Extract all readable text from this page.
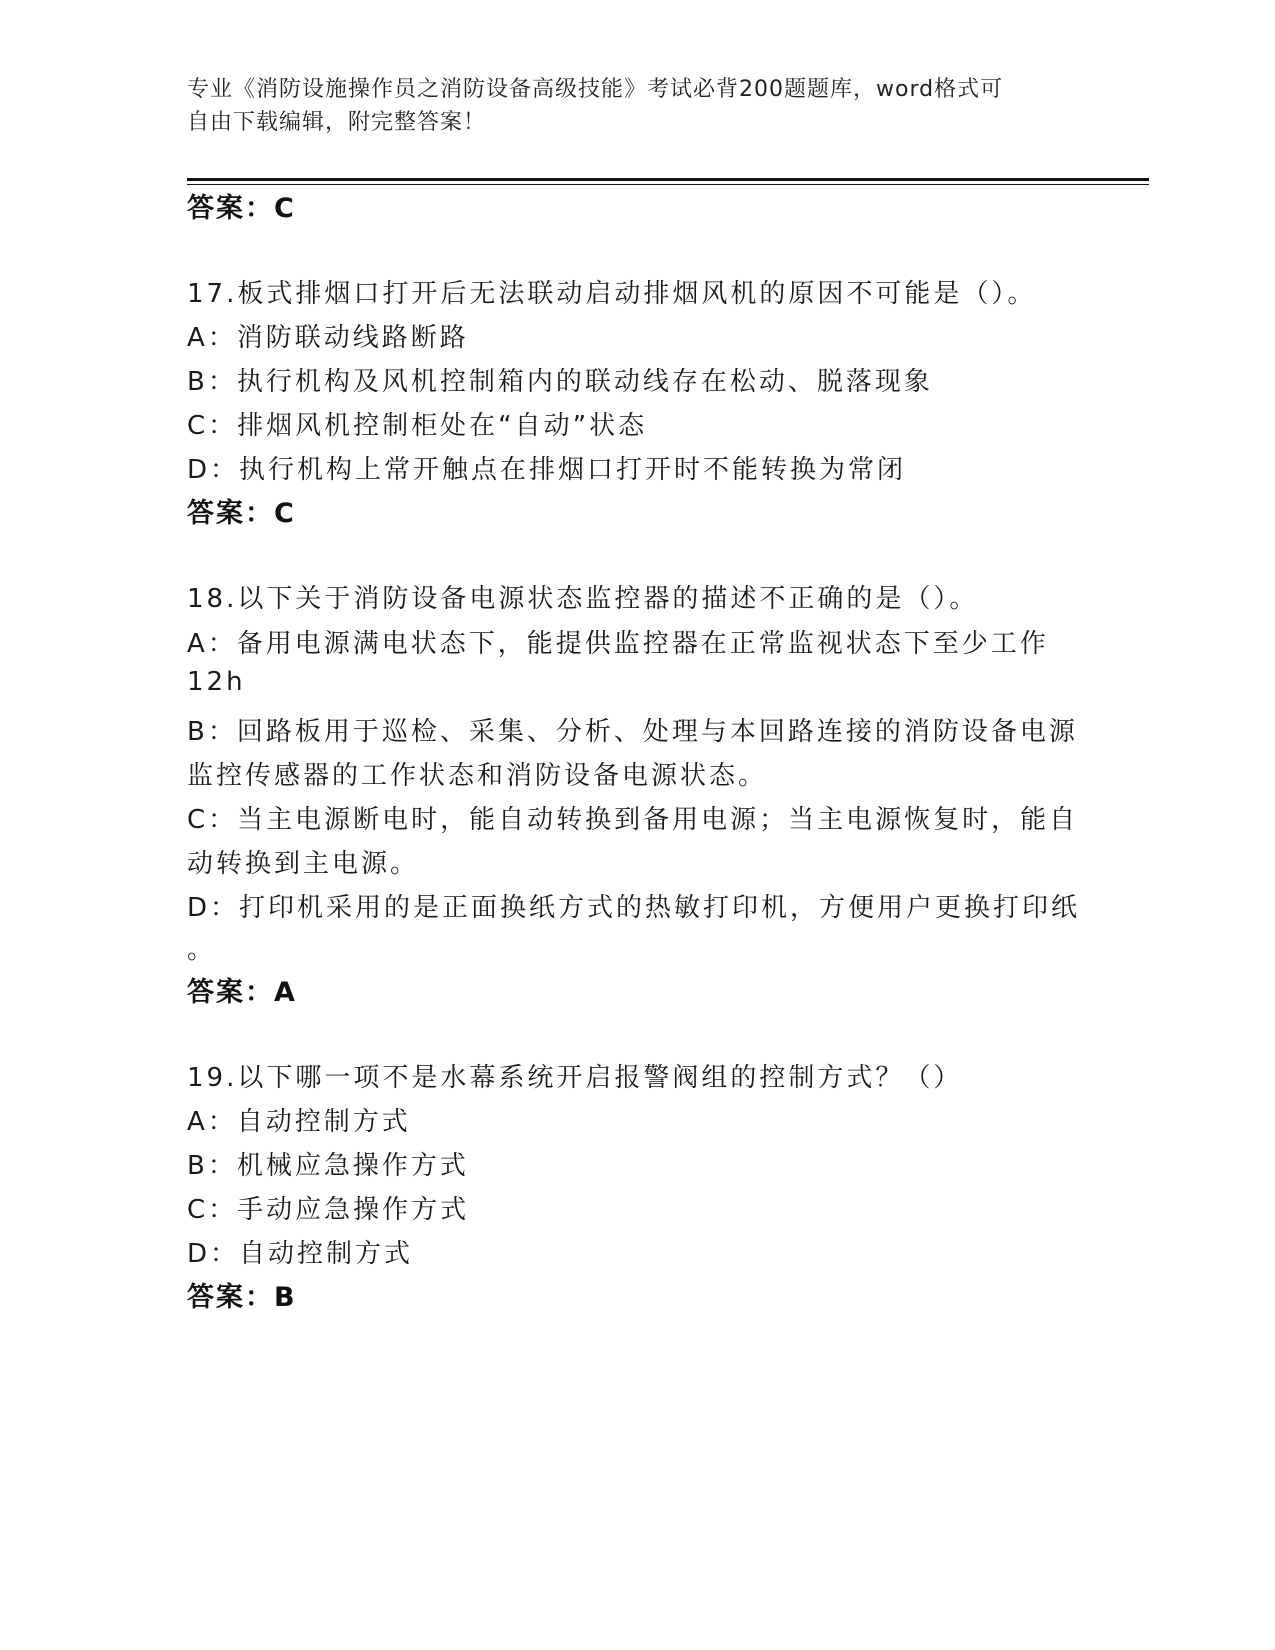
专业《消防设施操作员之消防设备高级技能》考试必背200题题库，word格式可
自由下载编辑，附完整答案！
答案：C
17.板式排烟口打开后无法联动启动排烟风机的原因不可能是（）。
A：消防联动线路断路
B：执行机构及风机控制箱内的联动线存在松动、脱落现象
C：排烟风机控制柜处在“自动”状态
D：执行机构上常开触点在排烟口打开时不能转换为常闭
答案：C
18.以下关于消防设备电源状态监控器的描述不正确的是（）。
A：备用电源满电状态下，能提供监控器在正常监视状态下至少工作
12h
B：回路板用于巡检、采集、分析、处理与本回路连接的消防设备电源
监控传感器的工作状态和消防设备电源状态。
C：当主电源断电时，能自动转换到备用电源；当主电源恢复时，能自
动转换到主电源。
D：打印机采用的是正面换纸方式的热敏打印机，方便用户更换打印纸
。
答案：A
19.以下哪一项不是水幕系统开启报警阀组的控制方式？（）
A：自动控制方式
B：机械应急操作方式
C：手动应急操作方式
D：自动控制方式
答案：B
